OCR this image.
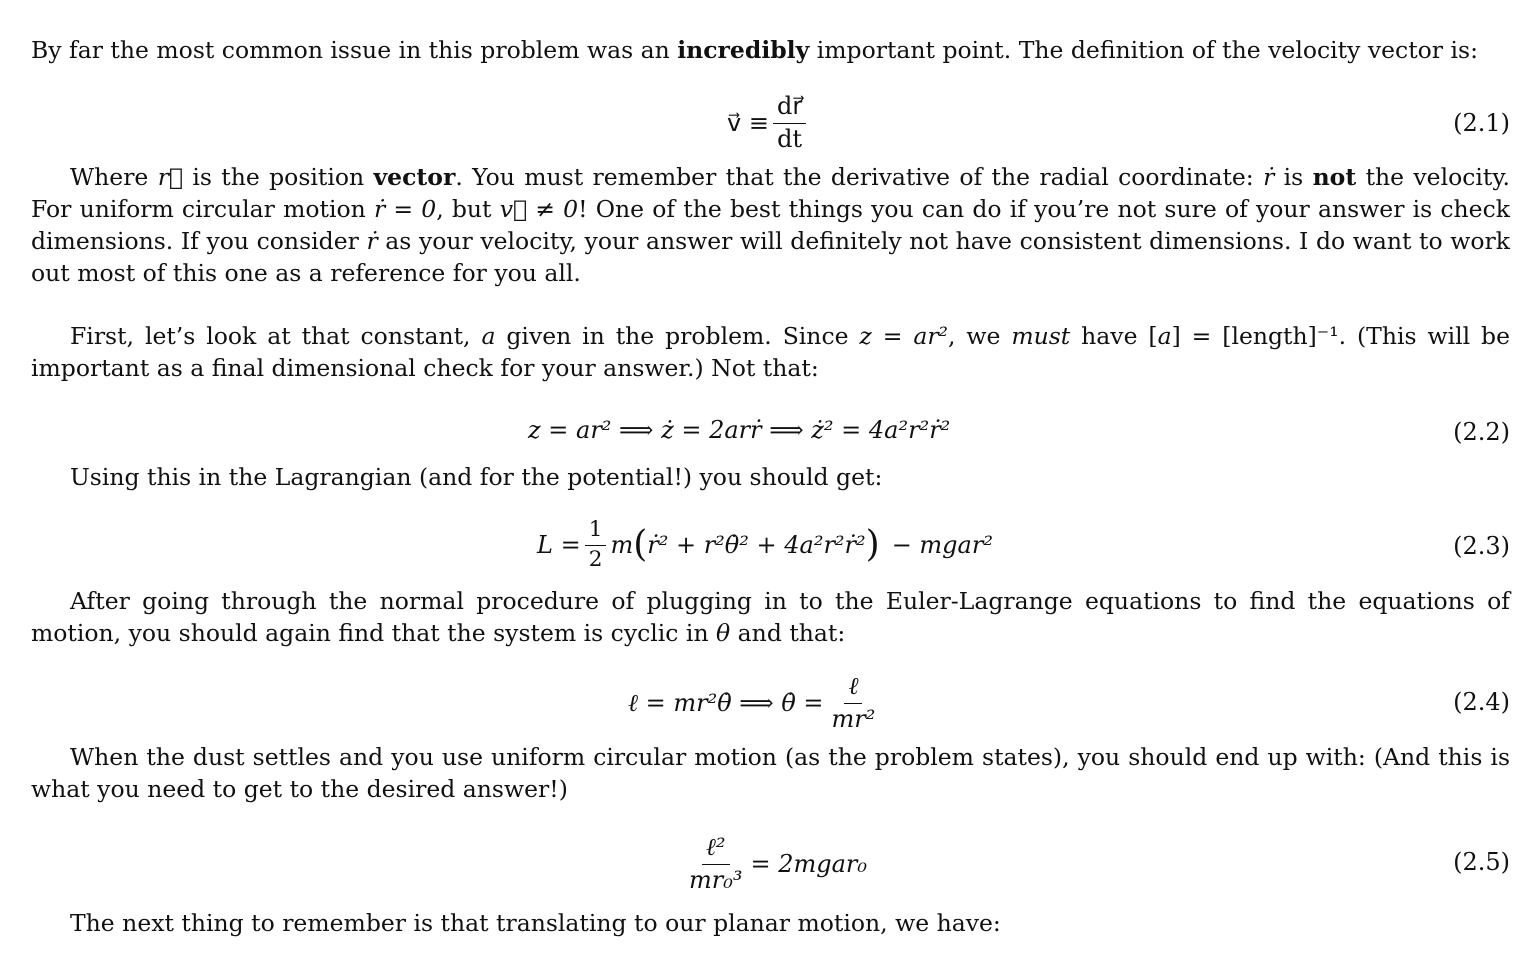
By far the most common issue in this problem was an incredibly important point. The definition of the velocity vector is:
v⃗ ≡ $\frac{dr⃗}{dt}$	(2.1)
Where r⃗ is the position vector. You must remember that the derivative of the radial coordinate: ṙ is not the velocity. For uniform circular motion ṙ = 0, but v⃗ ≠ 0! One of the best things you can do if you’re not sure of your answer is check dimensions. If you consider ṙ as your velocity, your answer will definitely not have consistent dimensions. I do want to work out most of this one as a reference for you all.
First, let’s look at that constant, a given in the problem. Since z = ar², we must have [a] = [length]⁻¹. (This will be important as a final dimensional check for your answer.) Not that:
z = ar² ⟹ ż = 2arṙ ⟹ ż² = 4a²r²ṙ²	(2.2)
Using this in the Lagrangian (and for the potential!) you should get:
$L = \frac{1}{2}$ m ( ṙ² + r²θ̇² + 4a²r²ṙ² ) − mgar²	(2.3)
After going through the normal procedure of plugging in to the Euler-Lagrange equations to find the equations of motion, you should again find that the system is cyclic in θ and that:
ℓ = mr²θ̇ ⟹ θ̇ = $\frac{\text{ℓ}}{\text{mr²}}$	(2.4)
When the dust settles and you use uniform circular motion (as the problem states), you should end up with: (And this is what you need to get to the desired answer!)
$\frac{\text{ℓ²}}{\text{mr₀³}}$ = 2mgar₀	(2.5)
The next thing to remember is that translating to our planar motion, we have:
